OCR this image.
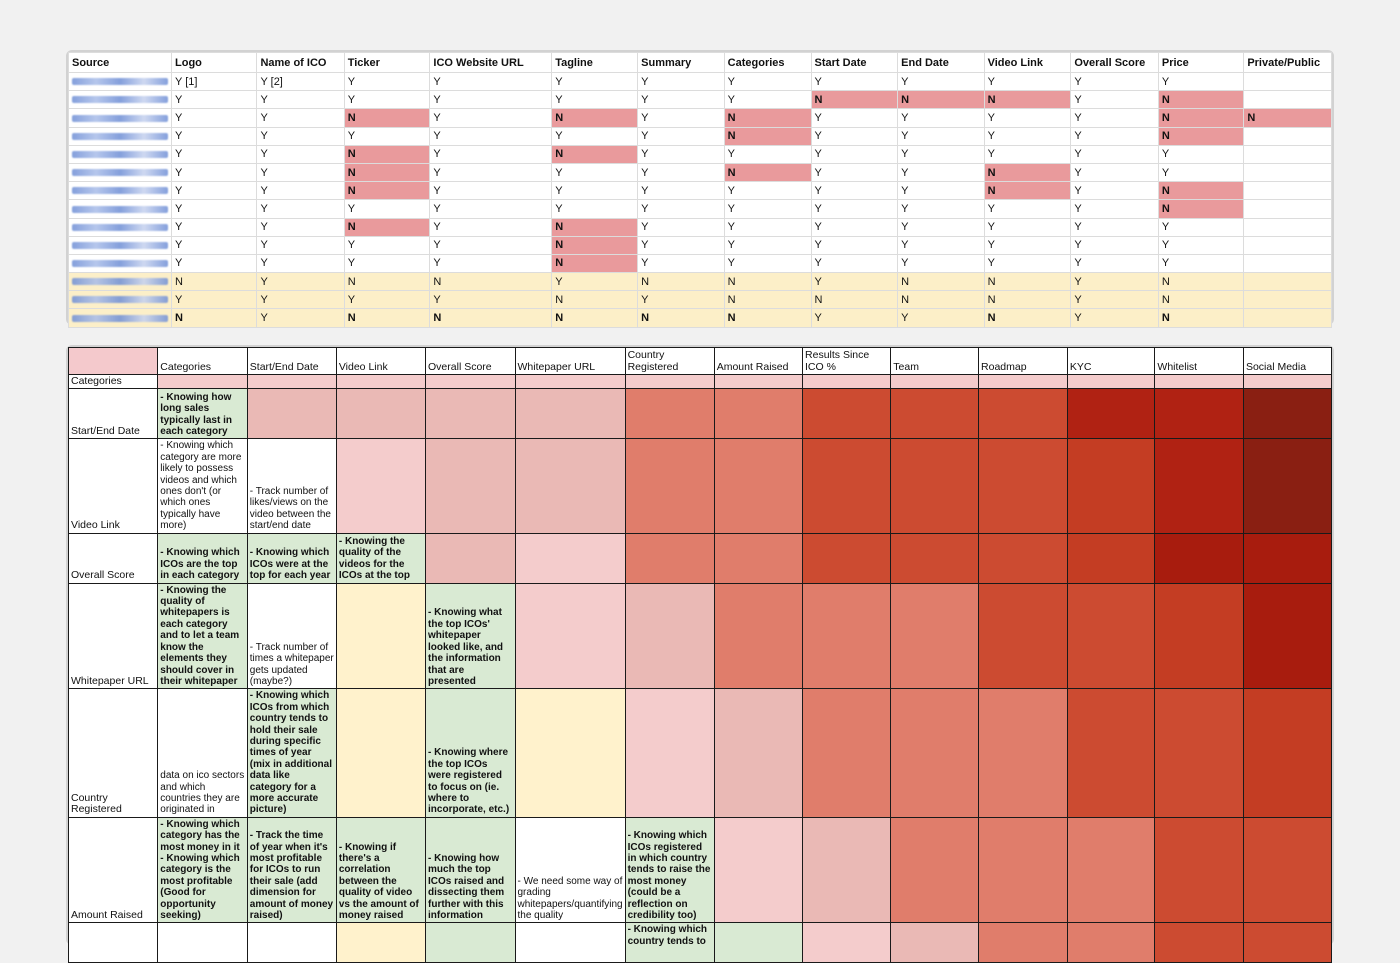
Source	Logo	Name of ICO	Ticker	ICO Website URL	Tagline	Summary	Categories	Start Date	End Date	Video Link	Overall Score	Price	Private/Public
	Y [1]	Y [2]	Y	Y	Y	Y	Y	Y	Y	Y	Y	Y	
	Y	Y	Y	Y	Y	Y	Y	N	N	N	Y	N	
	Y	Y	N	Y	N	Y	N	Y	Y	Y	Y	N	N
	Y	Y	Y	Y	Y	Y	N	Y	Y	Y	Y	N	
	Y	Y	N	Y	N	Y	Y	Y	Y	Y	Y	Y	
	Y	Y	N	Y	Y	Y	N	Y	Y	N	Y	Y	
	Y	Y	N	Y	Y	Y	Y	Y	Y	N	Y	N	
	Y	Y	Y	Y	Y	Y	Y	Y	Y	Y	Y	N	
	Y	Y	N	Y	N	Y	Y	Y	Y	Y	Y	Y	
	Y	Y	Y	Y	N	Y	Y	Y	Y	Y	Y	Y	
	Y	Y	Y	Y	N	Y	Y	Y	Y	Y	Y	Y	
	N	Y	N	N	Y	N	N	Y	N	N	Y	N	
	Y	Y	Y	Y	N	Y	N	N	N	N	Y	N	
	N	Y	N	N	N	N	N	Y	Y	N	Y	N	
	Categories	Start/End Date	Video Link	Overall Score	Whitepaper URL	Country Registered	Amount Raised	Results Since ICO %	Team	Roadmap	KYC	Whitelist	Social Media
Categories													
Start/End Date	- Knowing how long sales typically last in each category												
Video Link	- Knowing which category are more likely to possess videos and which ones don't (or which ones typically have more)	- Track number of likes/views on the video between the start/end date											
Overall Score	- Knowing which ICOs are the top in each category	- Knowing which ICOs were at the top for each year	- Knowing the quality of the videos for the ICOs at the top										
Whitepaper URL	- Knowing the quality of whitepapers is each category and to let a team know the elements they should cover in their whitepaper	- Track number of times a whitepaper gets updated (maybe?)		- Knowing what the top ICOs' whitepaper looked like, and the information that are presented									
Country Registered	data on ico sectors and which countries they are originated in	- Knowing which ICOs from which country tends to hold their sale during specific times of year (mix in additional data like category for a more accurate picture)		- Knowing where the top ICOs were registered to focus on (ie. where to incorporate, etc.)									
Amount Raised	- Knowing which category has the most money in it - Knowing which category is the most profitable (Good for opportunity seeking)	- Track the time of year when it's most profitable for ICOs to run their sale (add dimension for amount of money raised)	- Knowing if there's a correlation between the quality of video vs the amount of money raised	- Knowing how much the top ICOs raised and dissecting them further with this information	- We need some way of grading whitepapers/quantifying the quality	- Knowing which ICOs registered in which country tends to raise the most money (could be a reflection on credibility too)							
						- Knowing which country tends to							
